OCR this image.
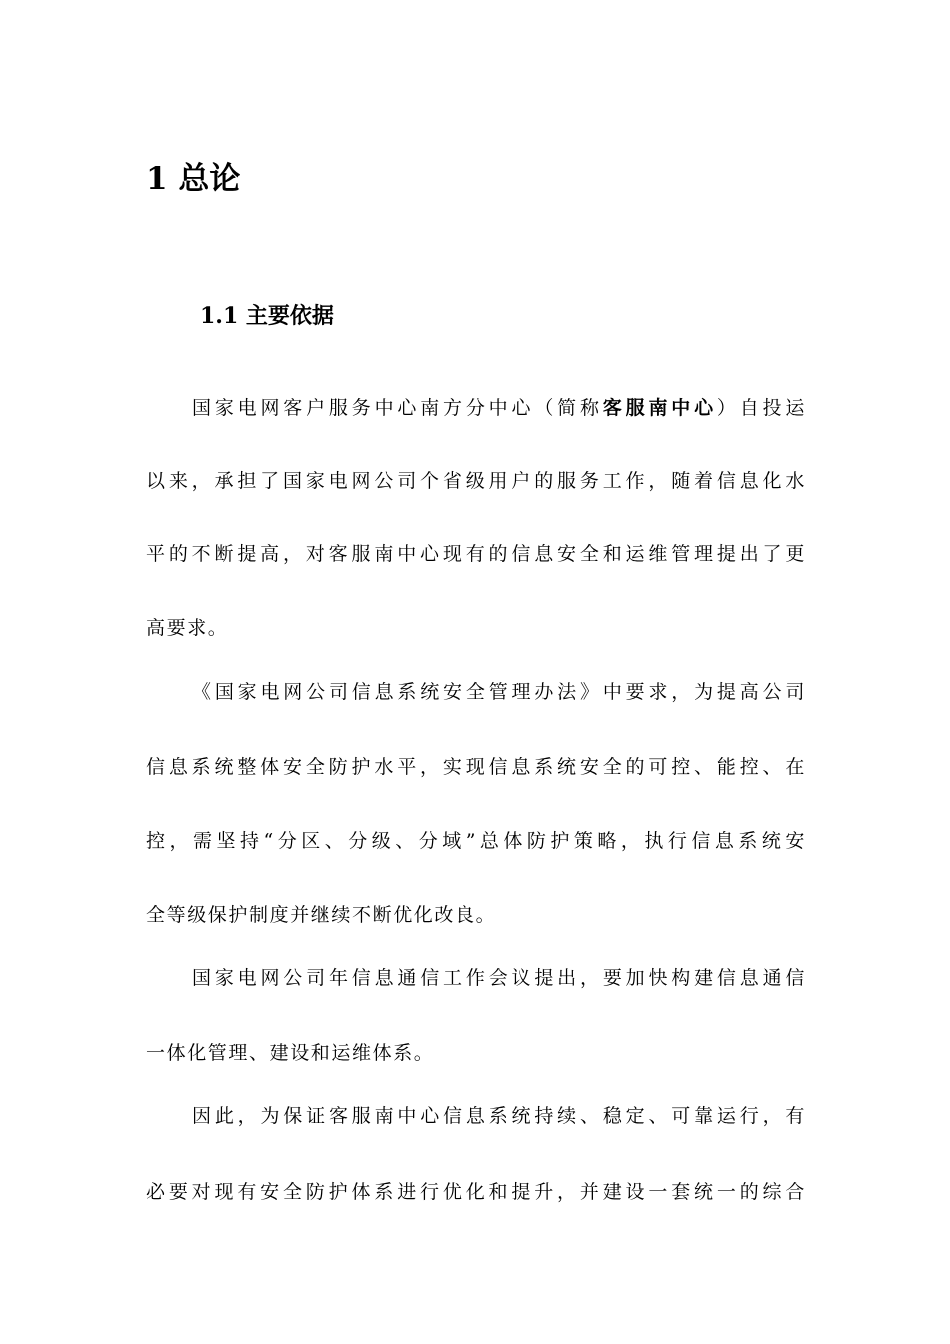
1 总论
1.1 主要依据
国家电网客户服务中心南方分中心（简称客服南中心）自投运
以来，承担了国家电网公司个省级用户的服务工作，随着信息化水
平的不断提高，对客服南中心现有的信息安全和运维管理提出了更
高要求。
《国家电网公司信息系统安全管理办法》中要求，为提高公司
信息系统整体安全防护水平，实现信息系统安全的可控、能控、在
控，需坚持“分区、分级、分域”总体防护策略，执行信息系统安
全等级保护制度并继续不断优化改良。
国家电网公司年信息通信工作会议提出，要加快构建信息通信
一体化管理、建设和运维体系。
因此，为保证客服南中心信息系统持续、稳定、可靠运行，有
必要对现有安全防护体系进行优化和提升，并建设一套统一的综合
